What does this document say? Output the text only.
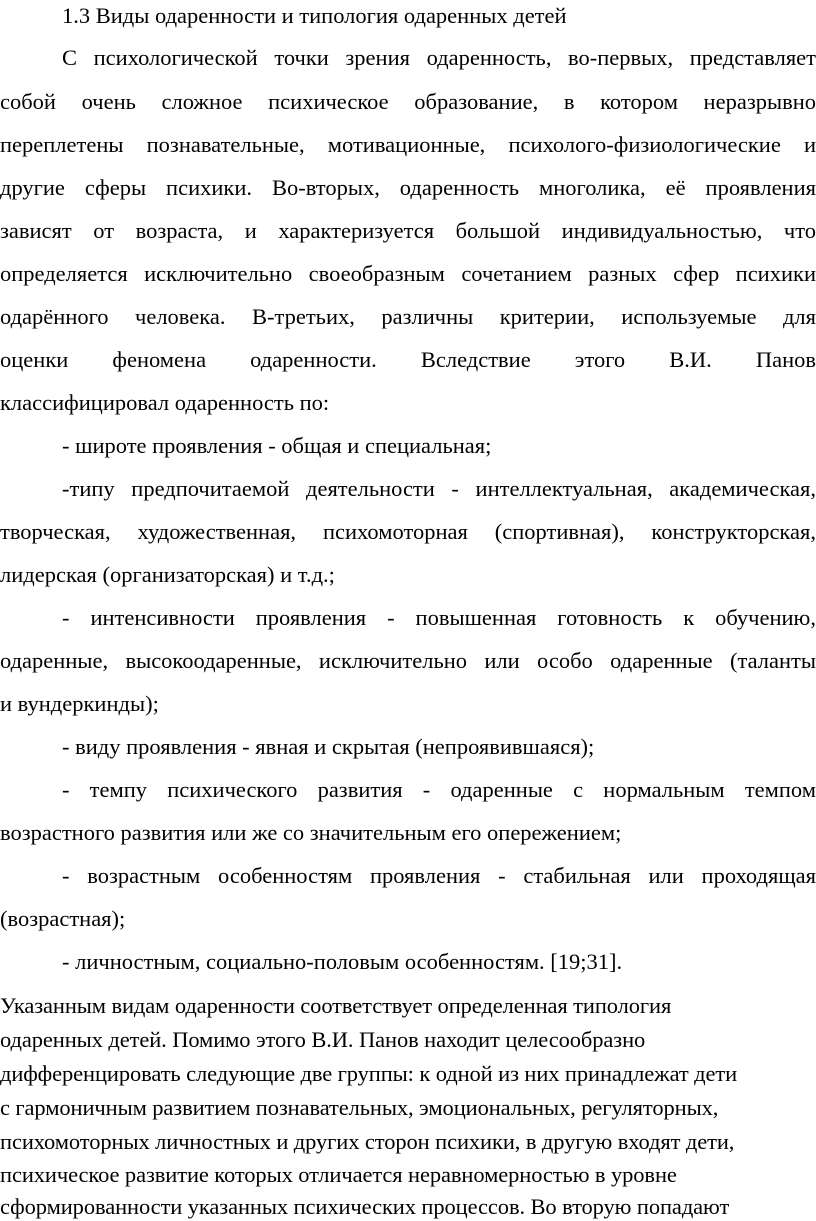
1.3 Виды одаренности и типология одаренных детей
С психологической точки зрения одаренность, во-первых, представляет
собой очень сложное психическое образование, в котором неразрывно
переплетены познавательные, мотивационные, психолого-физиологические и
другие сферы психики. Во-вторых, одаренность многолика, её проявления
зависят от возраста, и характеризуется большой индивидуальностью, что
определяется исключительно своеобразным сочетанием разных сфер психики
одарённого человека. В-третьих, различны критерии, используемые для
оценки феномена одаренности. Вследствие этого В.И. Панов
классифицировал одаренность по:
- широте проявления - общая и специальная;
-типу предпочитаемой деятельности - интеллектуальная, академическая,
творческая, художественная, психомоторная (спортивная), конструкторская,
лидерская (организаторская) и т.д.;
- интенсивности проявления - повышенная готовность к обучению,
одаренные, высокоодаренные, исключительно или особо одаренные (таланты
и вундеркинды);
- виду проявления - явная и скрытая (непроявившаяся);
- темпу психического развития - одаренные с нормальным темпом
возрастного развития или же со значительным его опережением;
- возрастным особенностям проявления - стабильная или проходящая
(возрастная);
- личностным, социально-половым особенностям. [19;31].
Указанным видам одаренности соответствует определенная типология
одаренных детей. Помимо этого В.И. Панов находит целесообразно
дифференцировать следующие две группы: к одной из них принадлежат дети
с гармоничным развитием познавательных, эмоциональных, регуляторных,
психомоторных личностных и других сторон психики, в другую входят дети,
психическое развитие которых отличается неравномерностью в уровне
сформированности указанных психических процессов. Во вторую попадают
